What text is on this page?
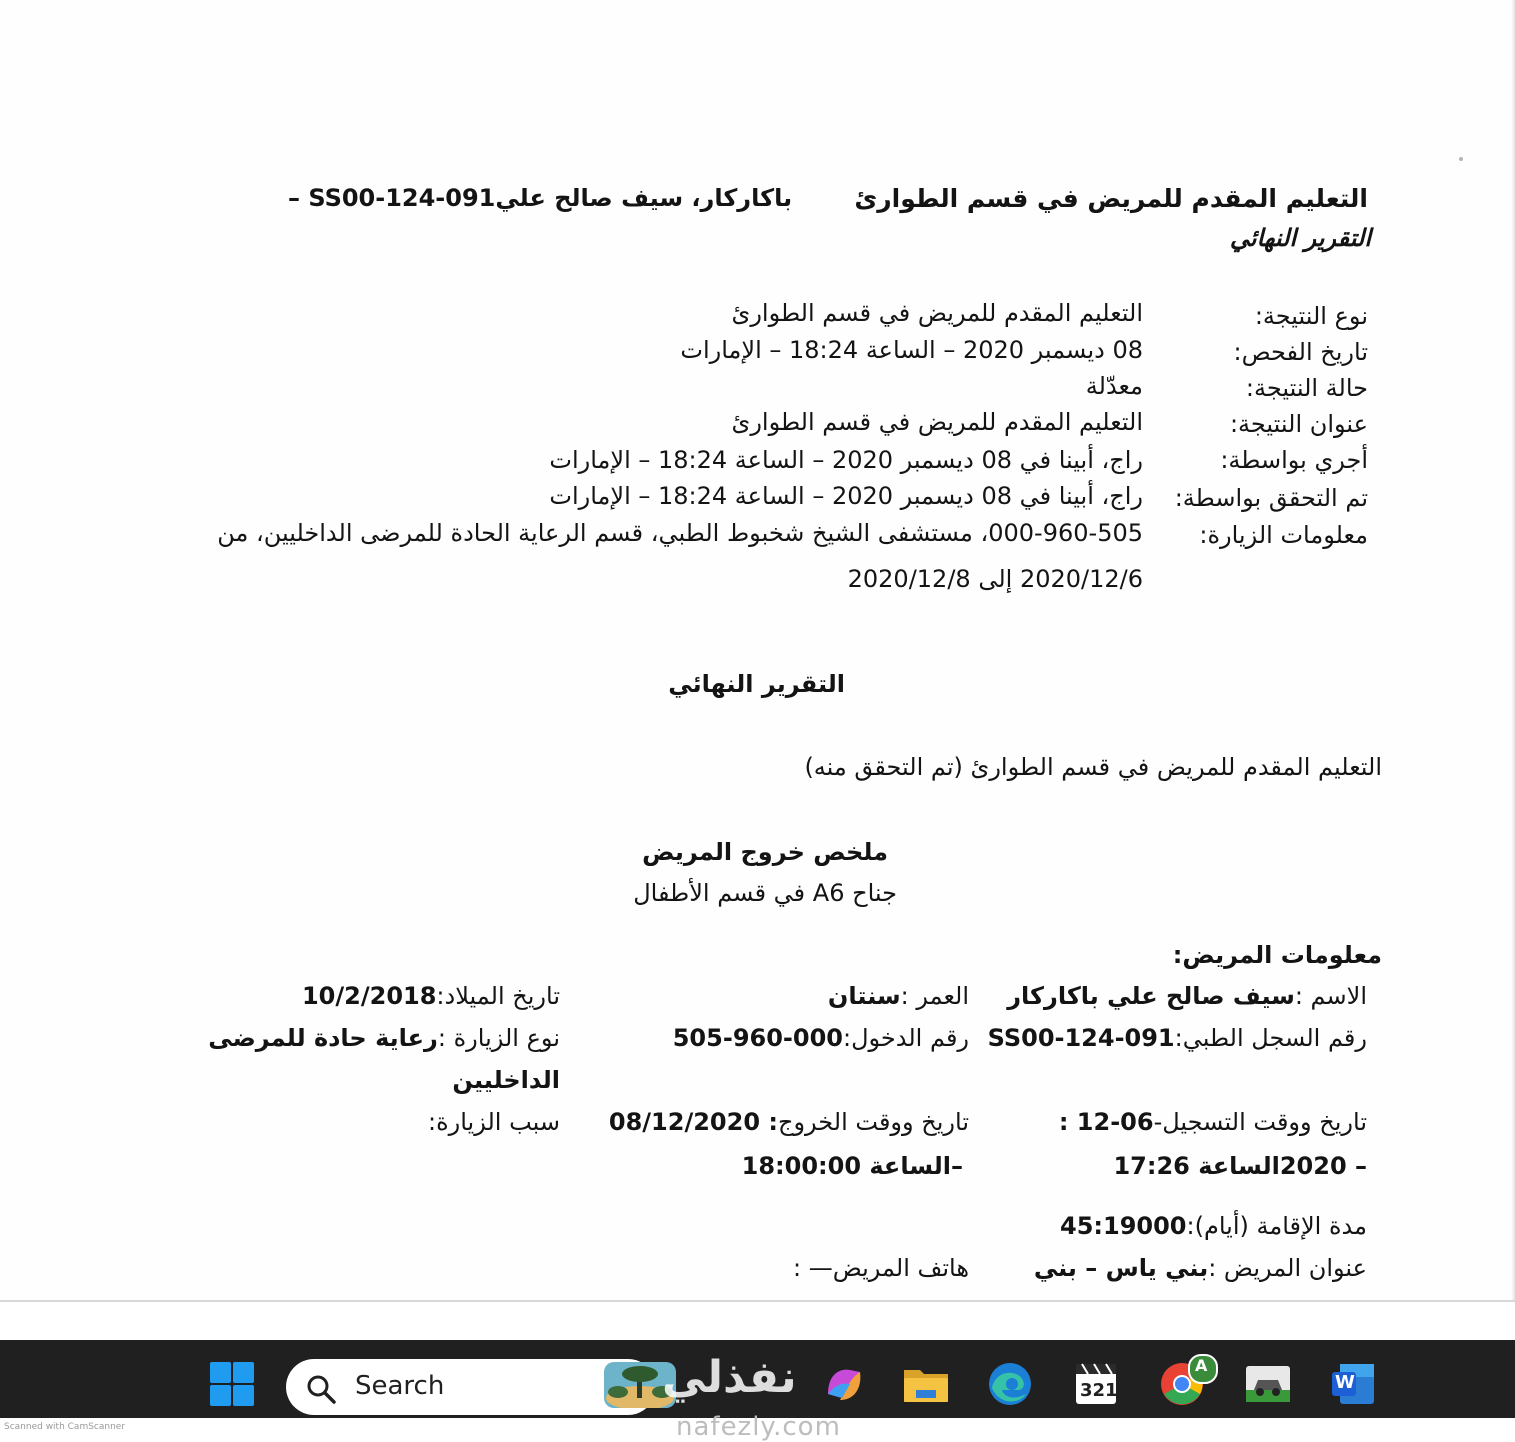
التعليم المقدم للمريض في قسم الطوارئ
التقرير النهائي
– SS00-124-091باكاركار، سيف صالح علي
نوع النتيجة:
التعليم المقدم للمريض في قسم الطوارئ
تاريخ الفحص:
08 ديسمبر 2020 – الساعة 18:24 – الإمارات
حالة النتيجة:
معدّلة
عنوان النتيجة:
التعليم المقدم للمريض في قسم الطوارئ
أجري بواسطة:
راج، أبينا في 08 ديسمبر 2020 – الساعة 18:24 – الإمارات
تم التحقق بواسطة:
راج، أبينا في 08 ديسمبر 2020 – الساعة 18:24 – الإمارات
معلومات الزيارة:
000-960-505، مستشفى الشيخ شخبوط الطبي، قسم الرعاية الحادة للمرضى الداخليين، من
2020/12/6 إلى 2020/12/8
التقرير النهائي
التعليم المقدم للمريض في قسم الطوارئ (تم التحقق منه)
ملخص خروج المريض
جناح A6 في قسم الأطفال
معلومات المريض:
الاسم :سيف صالح علي باكاركار
العمر :سنتان
تاريخ الميلاد:10/2/2018
رقم السجل الطبي:SS00-124-091
رقم الدخول:000-960-505
نوع الزيارة :رعاية حادة للمرضى
الداخليين
تاريخ ووقت التسجيل-06-12 :
– 2020الساعة 17:26
تاريخ ووقت الخروج: 08/12/2020
–الساعة 18:00:00
سبب الزيارة:
مدة الإقامة (أيام):45:19000
عنوان المريض :بني ياس – بني
هاتف المريض— :
Search	نفذلي	321
A
W
Scanned with CamScanner	nafezly.com
